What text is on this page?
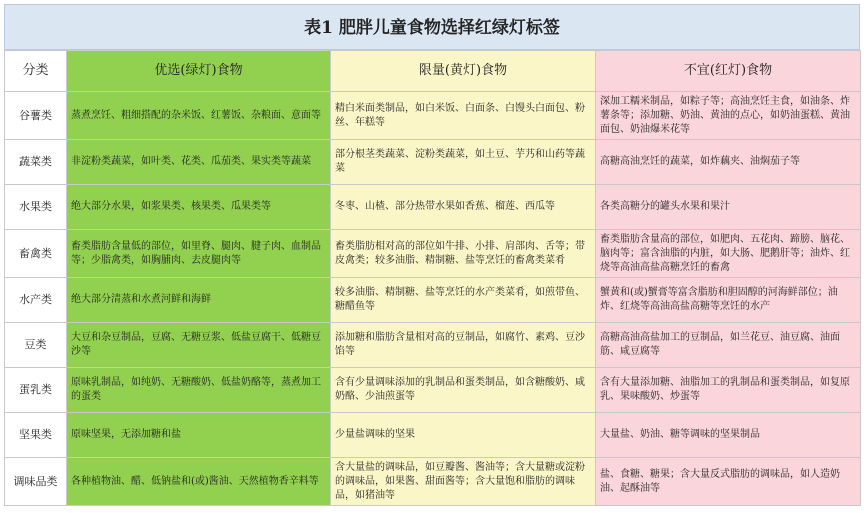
表1 肥胖儿童食物选择红绿灯标签
分类	优选(绿灯)食物	限量(黄灯)食物	不宜(红灯)食物
谷薯类	蒸煮烹饪、粗细搭配的杂米饭、红薯饭、杂粮面、意面等	精白米面类制品，如白米饭、白面条、白馒头白面包、粉丝、年糕等	深加工糯米制品，如粽子等；高油烹饪主食，如油条、炸薯条等；添加糖、奶油、黄油的点心，如奶油蛋糕、黄油面包、奶油爆米花等
蔬菜类	非淀粉类蔬菜，如叶类、花类、瓜茄类、果实类等蔬菜	部分根茎类蔬菜、淀粉类蔬菜，如土豆、芋艿和山药等蔬菜	高糖高油烹饪的蔬菜，如炸藕夹、油焖茄子等
水果类	绝大部分水果，如浆果类、核果类、瓜果类等	冬枣、山楂、部分热带水果如香蕉、榴莲、西瓜等	各类高糖分的罐头水果和果汁
畜禽类	畜类脂肪含量低的部位，如里脊、腿肉、腱子肉、血制品等；少脂禽类，如胸脯肉、去皮腿肉等	畜类脂肪相对高的部位如牛排、小排、肩部肉、舌等；带皮禽类；较多油脂、精制糖、盐等烹饪的畜禽类菜肴	畜类脂肪含量高的部位，如肥肉、五花肉、蹄膀、脑花、脑肉等；富含油脂的内脏，如大肠、肥鹅肝等；油炸、红烧等高油高盐高糖烹饪的畜禽
水产类	绝大部分清蒸和水煮河鲜和海鲜	较多油脂、精制糖、盐等烹饪的水产类菜肴，如煎带鱼、糖醋鱼等	蟹黄和(或)蟹膏等富含脂肪和胆固醇的河海鲜部位；油炸、红烧等高油高盐高糖等烹饪的水产
豆类	大豆和杂豆制品，豆腐、无糖豆浆、低盐豆腐干、低糖豆沙等	添加糖和脂肪含量相对高的豆制品，如腐竹、素鸡、豆沙馅等	高糖高油高盐加工的豆制品，如兰花豆、油豆腐、油面筋、咸豆腐等
蛋乳类	原味乳制品，如纯奶、无糖酸奶、低盐奶酪等，蒸煮加工的蛋类	含有少量调味添加的乳制品和蛋类制品，如含糖酸奶、咸奶酪、少油煎蛋等	含有大量添加糖、油脂加工的乳制品和蛋类制品，如复原乳、果味酸奶、炒蛋等
坚果类	原味坚果，无添加糖和盐	少量盐调味的坚果	大量盐、奶油、糖等调味的坚果制品
调味品类	各种植物油、醋、低钠盐和(或)酱油、天然植物香辛料等	含大量盐的调味品，如豆瓣酱、酱油等；含大量糖或淀粉的调味品，如果酱、甜面酱等；含大量饱和脂肪的调味品，如猪油等	盐、食糖、糖果；含大量反式脂肪的调味品，如人造奶油、起酥油等
